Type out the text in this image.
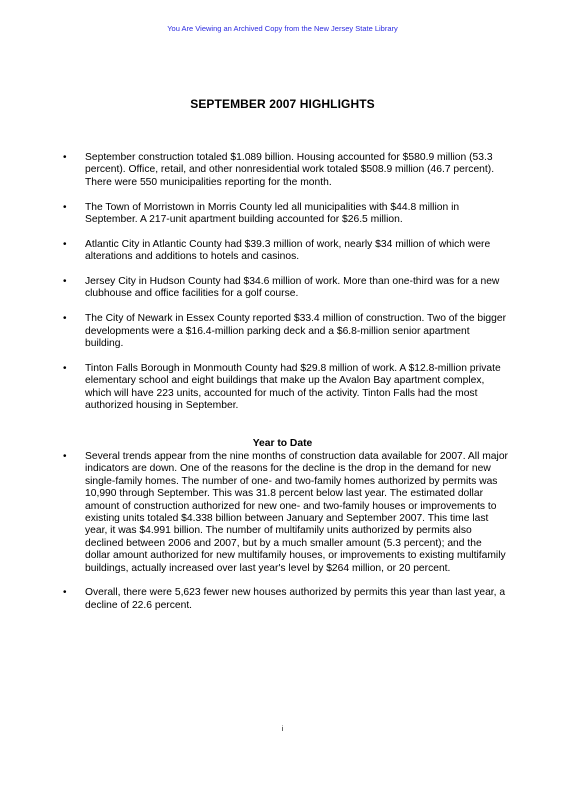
You Are Viewing an Archived Copy from the New Jersey State Library
SEPTEMBER 2007 HIGHLIGHTS
• September construction totaled $1.089 billion. Housing accounted for $580.9 million (53.3 percent). Office, retail, and other nonresidential work totaled $508.9 million (46.7 percent). There were 550 municipalities reporting for the month.
• The Town of Morristown in Morris County led all municipalities with $44.8 million in September. A 217-unit apartment building accounted for $26.5 million.
• Atlantic City in Atlantic County had $39.3 million of work, nearly $34 million of which were alterations and additions to hotels and casinos.
• Jersey City in Hudson County had $34.6 million of work. More than one-third was for a new clubhouse and office facilities for a golf course.
• The City of Newark in Essex County reported $33.4 million of construction. Two of the bigger developments were a $16.4-million parking deck and a $6.8-million senior apartment building.
• Tinton Falls Borough in Monmouth County had $29.8 million of work. A $12.8-million private elementary school and eight buildings that make up the Avalon Bay apartment complex, which will have 223 units, accounted for much of the activity. Tinton Falls had the most authorized housing in September.
Year to Date
• Several trends appear from the nine months of construction data available for 2007. All major indicators are down. One of the reasons for the decline is the drop in the demand for new single-family homes. The number of one- and two-family homes authorized by permits was 10,990 through September. This was 31.8 percent below last year. The estimated dollar amount of construction authorized for new one- and two-family houses or improvements to existing units totaled $4.338 billion between January and September 2007. This time last year, it was $4.991 billion. The number of multifamily units authorized by permits also declined between 2006 and 2007, but by a much smaller amount (5.3 percent); and the dollar amount authorized for new multifamily houses, or improvements to existing multifamily buildings, actually increased over last year's level by $264 million, or 20 percent.
• Overall, there were 5,623 fewer new houses authorized by permits this year than last year, a decline of 22.6 percent.
i
